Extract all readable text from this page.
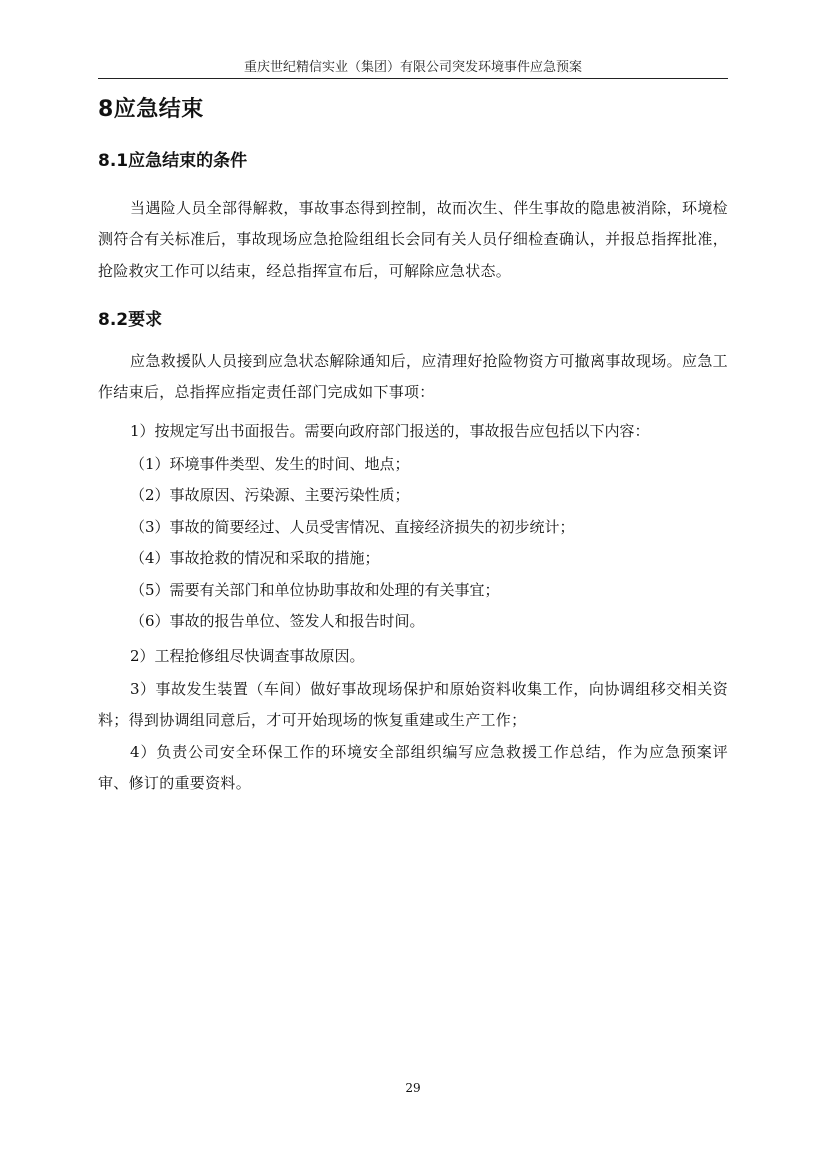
重庆世纪精信实业（集团）有限公司突发环境事件应急预案
8应急结束
8.1应急结束的条件
当遇险人员全部得解救，事故事态得到控制，故而次生、伴生事故的隐患被消除，环境检测符合有关标准后，事故现场应急抢险组组长会同有关人员仔细检查确认，并报总指挥批准，抢险救灾工作可以结束，经总指挥宣布后，可解除应急状态。
8.2要求
应急救援队人员接到应急状态解除通知后，应清理好抢险物资方可撤离事故现场。应急工作结束后，总指挥应指定责任部门完成如下事项：
1）按规定写出书面报告。需要向政府部门报送的，事故报告应包括以下内容：
（1）环境事件类型、发生的时间、地点；
（2）事故原因、污染源、主要污染性质；
（3）事故的简要经过、人员受害情况、直接经济损失的初步统计；
（4）事故抢救的情况和采取的措施；
（5）需要有关部门和单位协助事故和处理的有关事宜；
（6）事故的报告单位、签发人和报告时间。
2）工程抢修组尽快调查事故原因。
3）事故发生装置（车间）做好事故现场保护和原始资料收集工作，向协调组移交相关资料；得到协调组同意后，才可开始现场的恢复重建或生产工作；
4）负责公司安全环保工作的环境安全部组织编写应急救援工作总结，作为应急预案评审、修订的重要资料。
29
